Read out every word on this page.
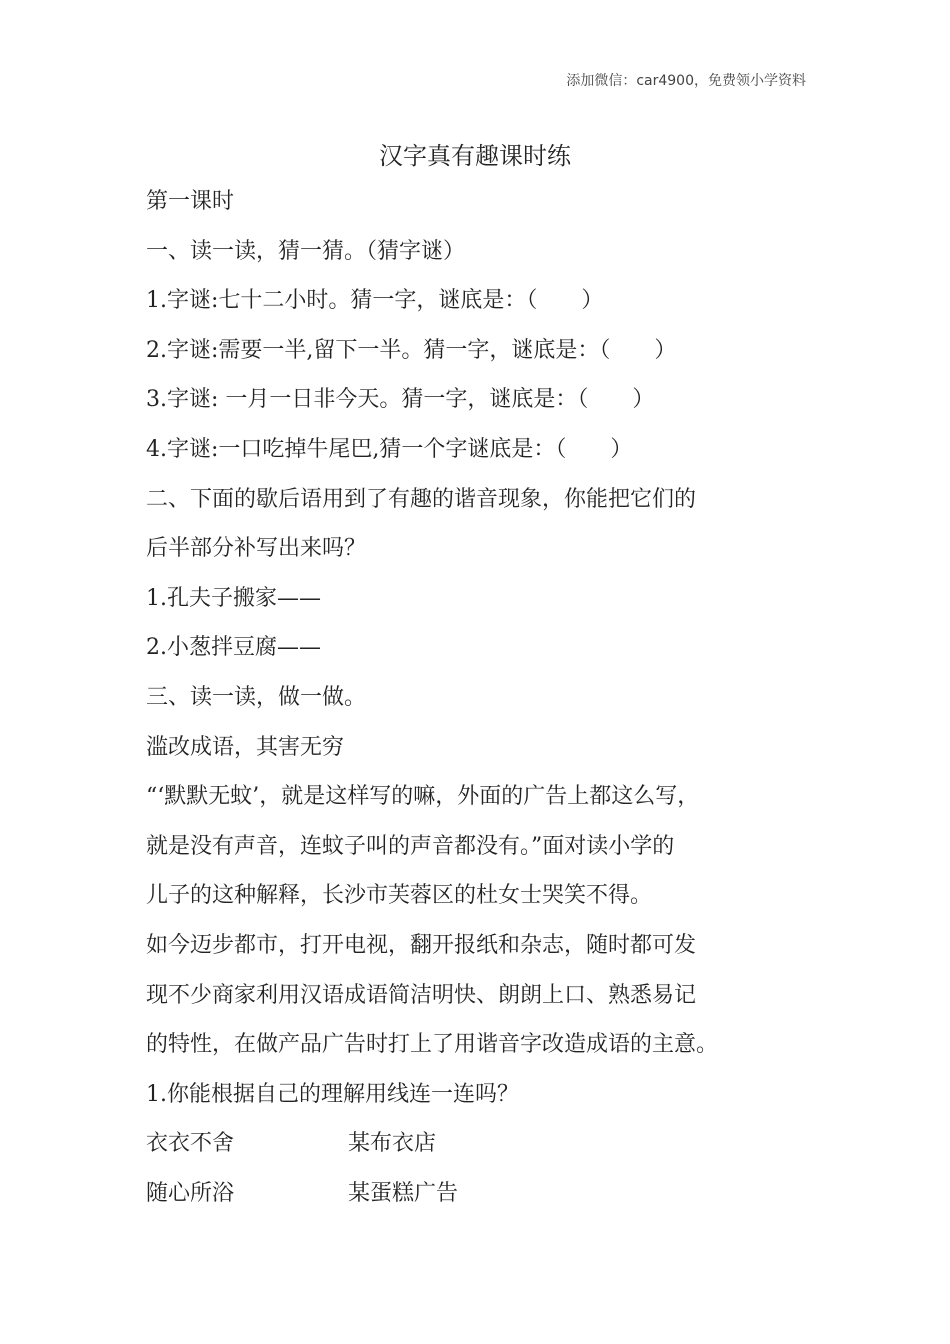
添加微信：car4900，免费领小学资料
汉字真有趣课时练
第一课时
一、读一读，猜一猜。（猜字谜）
1.字谜:七十二小时。猜一字，谜底是：（　　）
2.字谜:需要一半,留下一半。猜一字，谜底是：（　　）
3.字谜: 一月一日非今天。猜一字，谜底是：（　　）
4.字谜:一口吃掉牛尾巴,猜一个字谜底是：（　　）
二、下面的歇后语用到了有趣的谐音现象，你能把它们的
后半部分补写出来吗？
1.孔夫子搬家——
2.小葱拌豆腐——
三、读一读，做一做。
滥改成语，其害无穷
“‘默默无蚊’，就是这样写的嘛，外面的广告上都这么写，
就是没有声音，连蚊子叫的声音都没有。”面对读小学的
儿子的这种解释，长沙市芙蓉区的杜女士哭笑不得。
如今迈步都市，打开电视，翻开报纸和杂志，随时都可发
现不少商家利用汉语成语简洁明快、朗朗上口、熟悉易记
的特性，在做产品广告时打上了用谐音字改造成语的主意。
1.你能根据自己的理解用线连一连吗？
衣衣不舍	某布衣店
随心所浴	某蛋糕广告
